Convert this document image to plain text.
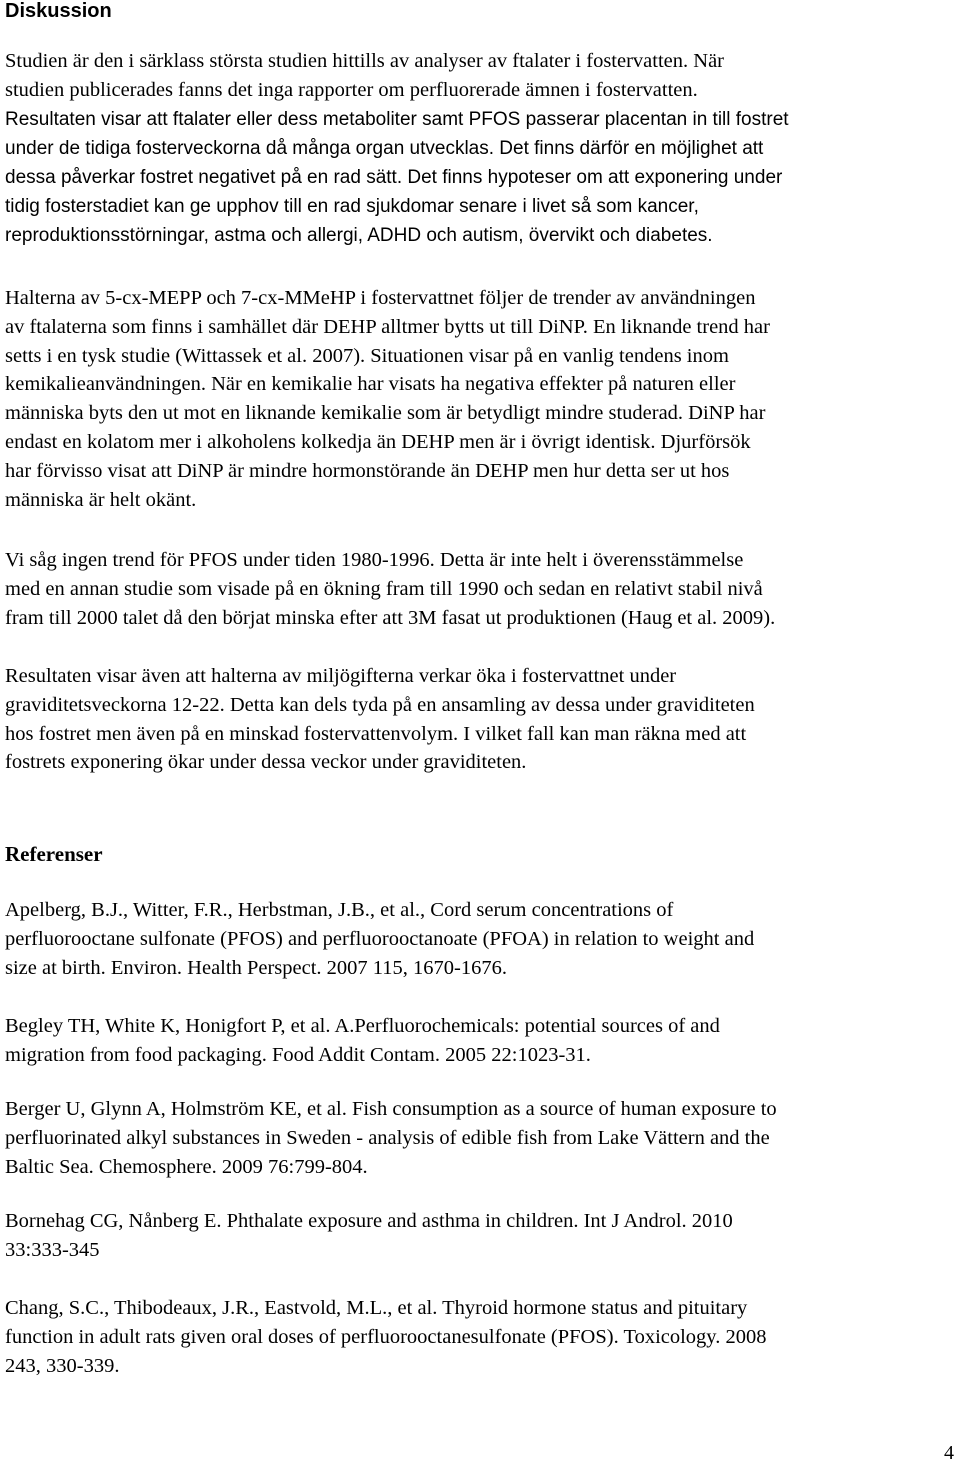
Diskussion
Studien är den i särklass största studien hittills av analyser av ftalater i fostervatten. När
studien publicerades fanns det inga rapporter om perfluorerade ämnen i fostervatten.
Resultaten visar att ftalater eller dess metaboliter samt PFOS passerar placentan in till fostret
under de tidiga fosterveckorna då många organ utvecklas. Det finns därför en möjlighet att
dessa påverkar fostret negativet på en rad sätt. Det finns hypoteser om att exponering under
tidig fosterstadiet kan ge upphov till en rad sjukdomar senare i livet så som kancer,
reproduktionsstörningar, astma och allergi, ADHD och autism, övervikt och diabetes.
Halterna av 5-cx-MEPP och 7-cx-MMeHP i fostervattnet följer de trender av användningen
av ftalaterna som finns i samhället där DEHP alltmer bytts ut till DiNP. En liknande trend har
setts i en tysk studie (Wittassek et al. 2007). Situationen visar på en vanlig tendens inom
kemikalieanvändningen. När en kemikalie har visats ha negativa effekter på naturen eller
människa byts den ut mot en liknande kemikalie som är betydligt mindre studerad. DiNP har
endast en kolatom mer i alkoholens kolkedja än DEHP men är i övrigt identisk. Djurförsök
har förvisso visat att DiNP är mindre hormonstörande än DEHP men hur detta ser ut hos
människa är helt okänt.
Vi såg ingen trend för PFOS under tiden 1980-1996. Detta är inte helt i överensstämmelse
med en annan studie som visade på en ökning fram till 1990 och sedan en relativt stabil nivå
fram till 2000 talet då den börjat minska efter att 3M fasat ut produktionen (Haug et al. 2009).
Resultaten visar även att halterna av miljögifterna verkar öka i fostervattnet under
graviditetsveckorna 12-22. Detta kan dels tyda på en ansamling av dessa under graviditeten
hos fostret men även på en minskad fostervattenvolym. I vilket fall kan man räkna med att
fostrets exponering ökar under dessa veckor under graviditeten.
Referenser
Apelberg, B.J., Witter, F.R., Herbstman, J.B., et al., Cord serum concentrations of
perfluorooctane sulfonate (PFOS) and perfluorooctanoate (PFOA) in relation to weight and
size at birth. Environ. Health Perspect. 2007 115, 1670-1676.
Begley TH, White K, Honigfort P, et al. A.Perfluorochemicals: potential sources of and
migration from food packaging. Food Addit Contam. 2005 22:1023-31.
Berger U, Glynn A, Holmström KE, et al. Fish consumption as a source of human exposure to
perfluorinated alkyl substances in Sweden - analysis of edible fish from Lake Vättern and the
Baltic Sea. Chemosphere. 2009 76:799-804.
Bornehag CG, Nånberg E. Phthalate exposure and asthma in children. Int J Androl. 2010
33:333-345
Chang, S.C., Thibodeaux, J.R., Eastvold, M.L., et al. Thyroid hormone status and pituitary
function in adult rats given oral doses of perfluorooctanesulfonate (PFOS). Toxicology. 2008
243, 330-339.
4
